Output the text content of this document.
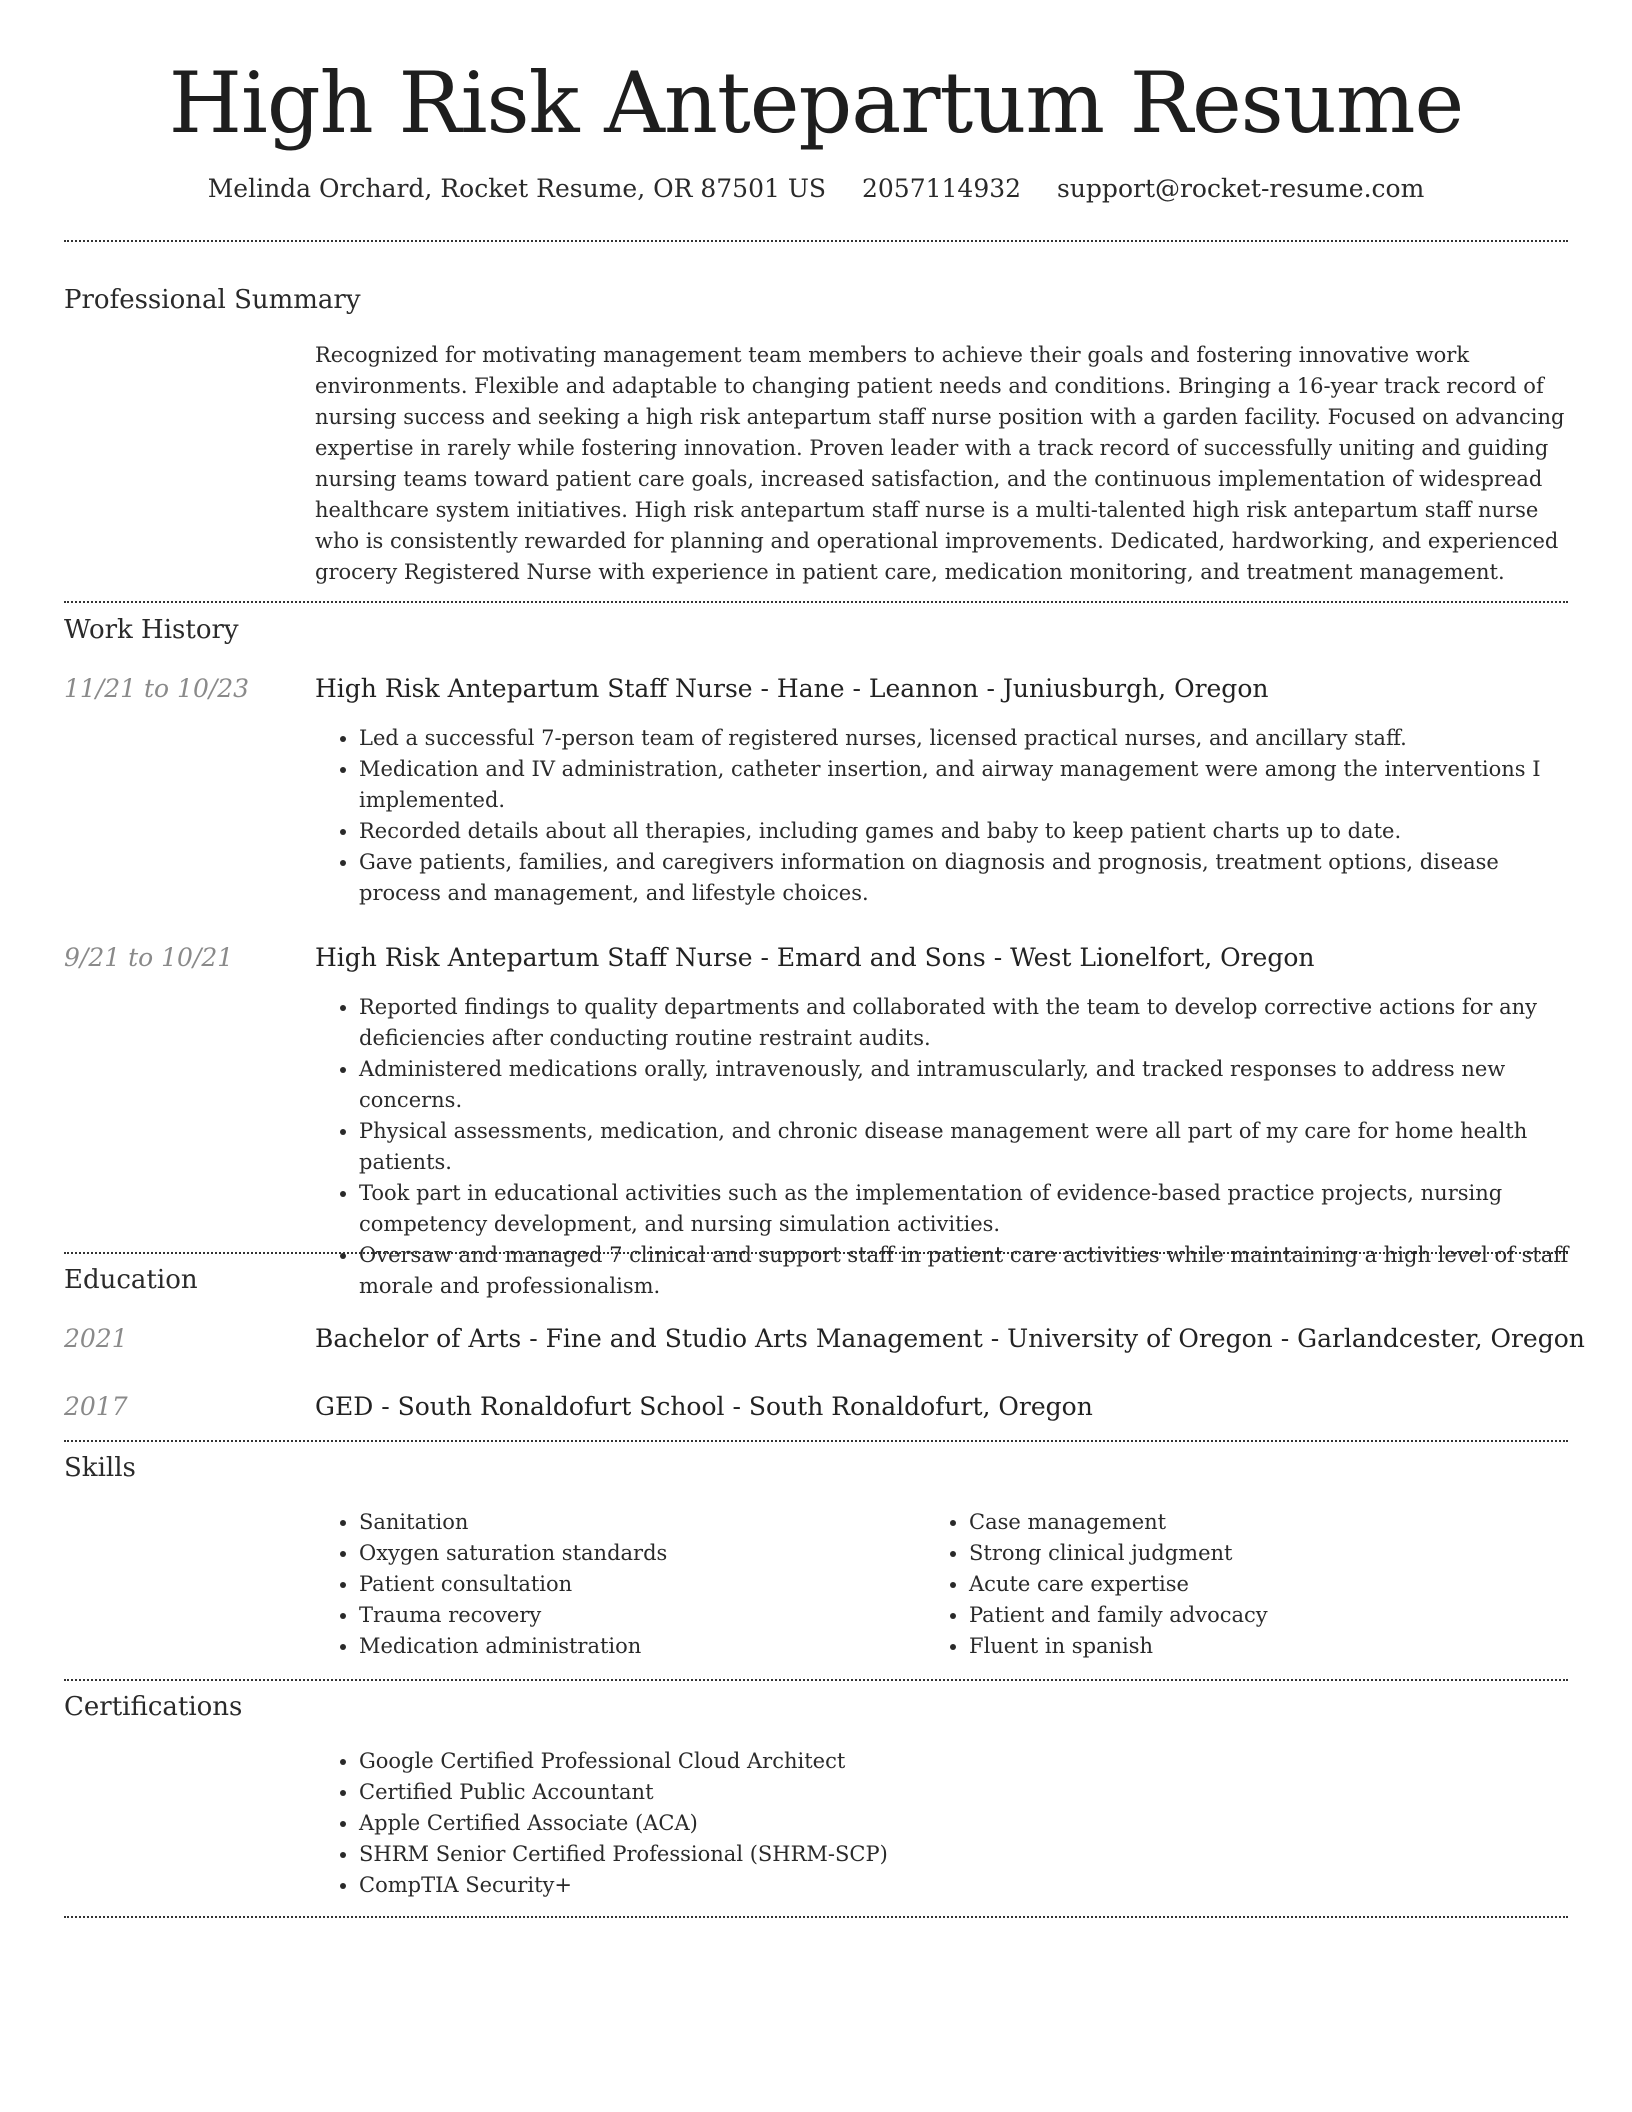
High Risk Antepartum Resume
Melinda Orchard, Rocket Resume, OR 87501 US 2057114932 support@rocket-resume.com
Professional Summary
Recognized for motivating management team members to achieve their goals and fostering innovative work environments. Flexible and adaptable to changing patient needs and conditions. Bringing a 16-year track record of nursing success and seeking a high risk antepartum staff nurse position with a garden facility. Focused on advancing expertise in rarely while fostering innovation. Proven leader with a track record of successfully uniting and guiding nursing teams toward patient care goals, increased satisfaction, and the continuous implementation of widespread healthcare system initiatives. High risk antepartum staff nurse is a multi-talented high risk antepartum staff nurse who is consistently rewarded for planning and operational improvements. Dedicated, hardworking, and experienced grocery Registered Nurse with experience in patient care, medication monitoring, and treatment management.
Work History
11/21 to 10/23	High Risk Antepartum Staff Nurse - Hane - Leannon - Juniusburgh, Oregon
• Led a successful 7-person team of registered nurses, licensed practical nurses, and ancillary staff.
• Medication and IV administration, catheter insertion, and airway management were among the interventions I implemented.
• Recorded details about all therapies, including games and baby to keep patient charts up to date.
• Gave patients, families, and caregivers information on diagnosis and prognosis, treatment options, disease process and management, and lifestyle choices.
9/21 to 10/21	High Risk Antepartum Staff Nurse - Emard and Sons - West Lionelfort, Oregon
• Reported findings to quality departments and collaborated with the team to develop corrective actions for any deficiencies after conducting routine restraint audits.
• Administered medications orally, intravenously, and intramuscularly, and tracked responses to address new concerns.
• Physical assessments, medication, and chronic disease management were all part of my care for home health patients.
• Took part in educational activities such as the implementation of evidence-based practice projects, nursing competency development, and nursing simulation activities.
• Oversaw and managed 7 clinical and support staff in patient care activities while maintaining a high level of staff morale and professionalism.
Education
2021	Bachelor of Arts - Fine and Studio Arts Management - University of Oregon - Garlandcester, Oregon
2017	GED - South Ronaldofurt School - South Ronaldofurt, Oregon
Skills
• Sanitation
• Oxygen saturation standards
• Patient consultation
• Trauma recovery
• Medication administration
• Case management
• Strong clinical judgment
• Acute care expertise
• Patient and family advocacy
• Fluent in spanish
Certifications
• Google Certified Professional Cloud Architect
• Certified Public Accountant
• Apple Certified Associate (ACA)
• SHRM Senior Certified Professional (SHRM-SCP)
• CompTIA Security+
